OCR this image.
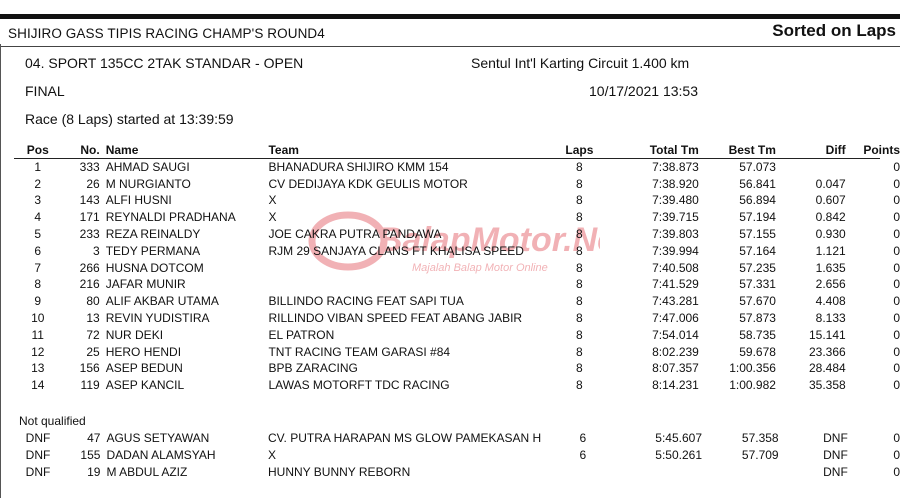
SHIJIRO GASS TIPIS RACING CHAMP'S ROUND4	Sorted on Laps
04. SPORT 135CC 2TAK STANDAR - OPEN	Sentul Int'l Karting Circuit 1.400 km
FINAL	10/17/2021 13:53
Race (8 Laps) started at 13:39:59
BalapMotor.N
Majalah Balap Motor Online
Pos	No.	Name	Team	Laps	Total Tm	Best Tm	Diff	Points
1	333	AHMAD SAUGI	BHANADURA SHIJIRO KMM 154	8	7:38.873	57.073		0
2	26	M NURGIANTO	CV DEDIJAYA KDK GEULIS MOTOR	8	7:38.920	56.841	0.047	0
3	143	ALFI HUSNI	X	8	7:39.480	56.894	0.607	0
4	171	REYNALDI PRADHANA	X	8	7:39.715	57.194	0.842	0
5	233	REZA REINALDY	JOE CAKRA PUTRA PANDAWA	8	7:39.803	57.155	0.930	0
6	3	TEDY PERMANA	RJM 29 SANJAYA CLANS FT KHALISA SPEED	8	7:39.994	57.164	1.121	0
7	266	HUSNA DOTCOM		8	7:40.508	57.235	1.635	0
8	216	JAFAR MUNIR		8	7:41.529	57.331	2.656	0
9	80	ALIF AKBAR UTAMA	BILLINDO RACING FEAT SAPI TUA	8	7:43.281	57.670	4.408	0
10	13	REVIN YUDISTIRA	RILLINDO VIBAN SPEED FEAT ABANG JABIR	8	7:47.006	57.873	8.133	0
11	72	NUR DEKI	EL PATRON	8	7:54.014	58.735	15.141	0
12	25	HERO HENDI	TNT RACING TEAM GARASI #84	8	8:02.239	59.678	23.366	0
13	156	ASEP BEDUN	BPB ZARACING	8	8:07.357	1:00.356	28.484	0
14	119	ASEP KANCIL	LAWAS MOTORFT TDC RACING	8	8:14.231	1:00.982	35.358	0
Not qualified
DNF	47	AGUS SETYAWAN	CV. PUTRA HARAPAN MS GLOW PAMEKASAN H	6	5:45.607	57.358	DNF	0
DNF	155	DADAN ALAMSYAH	X	6	5:50.261	57.709	DNF	0
DNF	19	M ABDUL AZIZ	HUNNY BUNNY REBORN				DNF	0
